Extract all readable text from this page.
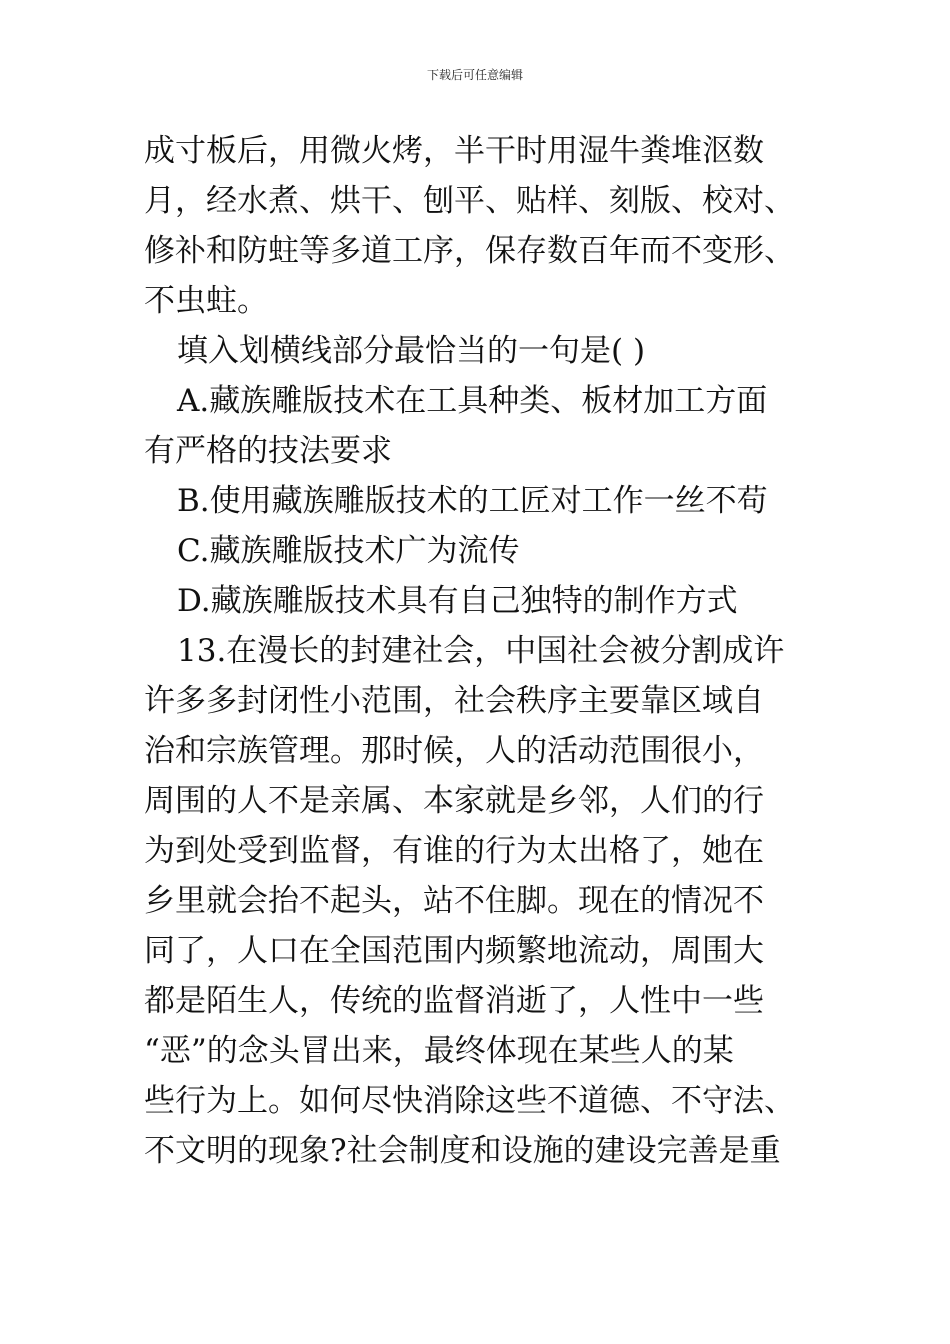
下载后可任意编辑
成寸板后，用微火烤，半干时用湿牛粪堆沤数
月，经水煮、烘干、刨平、贴样、刻版、校对、
修补和防蛀等多道工序，保存数百年而不变形、
不虫蛀。
填入划横线部分最恰当的一句是( )
A.藏族雕版技术在工具种类、板材加工方面
有严格的技法要求
B.使用藏族雕版技术的工匠对工作一丝不苟
C.藏族雕版技术广为流传
D.藏族雕版技术具有自己独特的制作方式
13.在漫长的封建社会，中国社会被分割成许
许多多封闭性小范围，社会秩序主要靠区域自
治和宗族管理。那时候，人的活动范围很小，
周围的人不是亲属、本家就是乡邻，人们的行
为到处受到监督，有谁的行为太出格了，她在
乡里就会抬不起头，站不住脚。现在的情况不
同了，人口在全国范围内频繁地流动，周围大
都是陌生人，传统的监督消逝了，人性中一些
“恶”的念头冒出来，最终体现在某些人的某
些行为上。如何尽快消除这些不道德、不守法、
不文明的现象?社会制度和设施的建设完善是重
